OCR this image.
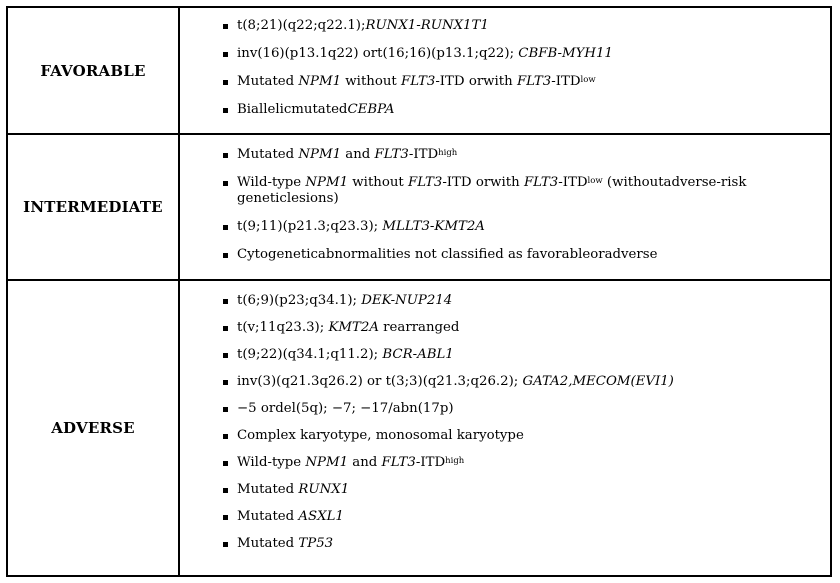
FAVORABLE
t(8;21)(q22;q22.1);RUNX1-RUNX1T1
inv(16)(p13.1q22) ort(16;16)(p13.1;q22); CBFB-MYH11
Mutated NPM1 without FLT3-ITD orwith $FLT3-ITD^{low}$
BiallelicmutatedCEBPA
INTERMEDIATE
Mutated NPM1 and $FLT3-ITD^{high}$
Wild-type NPM1 without FLT3-ITD orwith $FLT3-ITD^{low}$ (withoutadverse-risk geneticlesions)
t(9;11)(p21.3;q23.3); MLLT3-KMT2A
Cytogeneticabnormalities not classified as favorableoradverse
ADVERSE
t(6;9)(p23;q34.1); DEK-NUP214
t(v;11q23.3); KMT2A rearranged
t(9;22)(q34.1;q11.2); BCR-ABL1
inv(3)(q21.3q26.2) or t(3;3)(q21.3;q26.2); GATA2,MECOM(EVI1)
−5 ordel(5q); −7; −17/abn(17p)
Complex karyotype, monosomal karyotype
Wild-type NPM1 and $FLT3-ITD^{high}$
Mutated RUNX1
Mutated ASXL1
Mutated TP53
